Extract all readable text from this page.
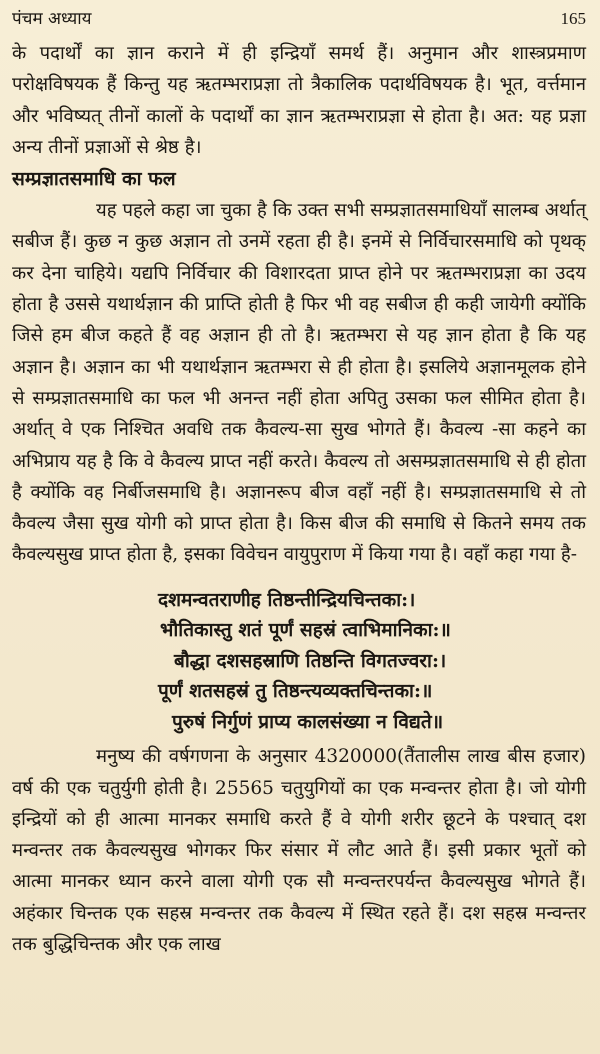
पंचम अध्याय	165

के पदार्थों का ज्ञान कराने में ही इन्द्रियाँ समर्थ हैं। अनुमान और शास्त्रप्रमाण परोक्षविषयक हैं किन्तु यह ऋतम्भराप्रज्ञा तो त्रैकालिक पदार्थविषयक है। भूत, वर्त्तमान और भविष्यत् तीनों कालों के पदार्थों का ज्ञान ऋतम्भराप्रज्ञा से होता है। अत: यह प्रज्ञा अन्य तीनों प्रज्ञाओं से श्रेष्ठ है।

सम्प्रज्ञातसमाधि का फल

यह पहले कहा जा चुका है कि उक्त सभी सम्प्रज्ञातसमाधियाँ सालम्ब अर्थात् सबीज हैं। कुछ न कुछ अज्ञान तो उनमें रहता ही है। इनमें से निर्विचारसमाधि को पृथक् कर देना चाहिये। यद्यपि निर्विचार की विशारदता प्राप्त होने पर ऋतम्भराप्रज्ञा का उदय होता है उससे यथार्थज्ञान की प्राप्ति होती है फिर भी वह सबीज ही कही जायेगी क्योंकि जिसे हम बीज कहते हैं वह अज्ञान ही तो है। ऋतम्भरा से यह ज्ञान होता है कि यह अज्ञान है। अज्ञान का भी यथार्थज्ञान ऋतम्भरा से ही होता है। इसलिये अज्ञानमूलक होने से सम्प्रज्ञातसमाधि का फल भी अनन्त नहीं होता अपितु उसका फल सीमित होता है। अर्थात् वे एक निश्चित अवधि तक कैवल्य-सा सुख भोगते हैं। कैवल्य -सा कहने का अभिप्राय यह है कि वे कैवल्य प्राप्त नहीं करते। कैवल्य तो असम्प्रज्ञातसमाधि से ही होता है क्योंकि वह निर्बीजसमाधि है। अज्ञानरूप बीज वहाँ नहीं है। सम्प्रज्ञातसमाधि से तो कैवल्य जैसा सुख योगी को प्राप्त होता है। किस बीज की समाधि से कितने समय तक कैवल्यसुख प्राप्त होता है, इसका विवेचन वायुपुराण में किया गया है। वहाँ कहा गया है-

दशमन्वतराणीह तिष्ठन्तीन्द्रियचिन्तका:।
भौतिकास्तु शतं पूर्णं सहस्रं त्वाभिमानिका:॥
बौद्धा दशसहस्राणि तिष्ठन्ति विगतज्वरा:।
पूर्णं शतसहस्रं तु तिष्ठन्त्यव्यक्तचिन्तका:॥
पुरुषं निर्गुणं प्राप्य कालसंख्या न विद्यते॥

मनुष्य की वर्षगणना के अनुसार 4320000(तैंतालीस लाख बीस हजार) वर्ष की एक चतुर्युगी होती है। 25565 चतुयुगियों का एक मन्वन्तर होता है। जो योगी इन्द्रियों को ही आत्मा मानकर समाधि करते हैं वे योगी शरीर छूटने के पश्चात् दश मन्वन्तर तक कैवल्यसुख भोगकर फिर संसार में लौट आते हैं। इसी प्रकार भूतों को आत्मा मानकर ध्यान करने वाला योगी एक सौ मन्वन्तरपर्यन्त कैवल्यसुख भोगते हैं। अहंकार चिन्तक एक सहस्र मन्वन्तर तक कैवल्य में स्थित रहते हैं। दश सहस्र मन्वन्तर तक बुद्धिचिन्तक और एक लाख
